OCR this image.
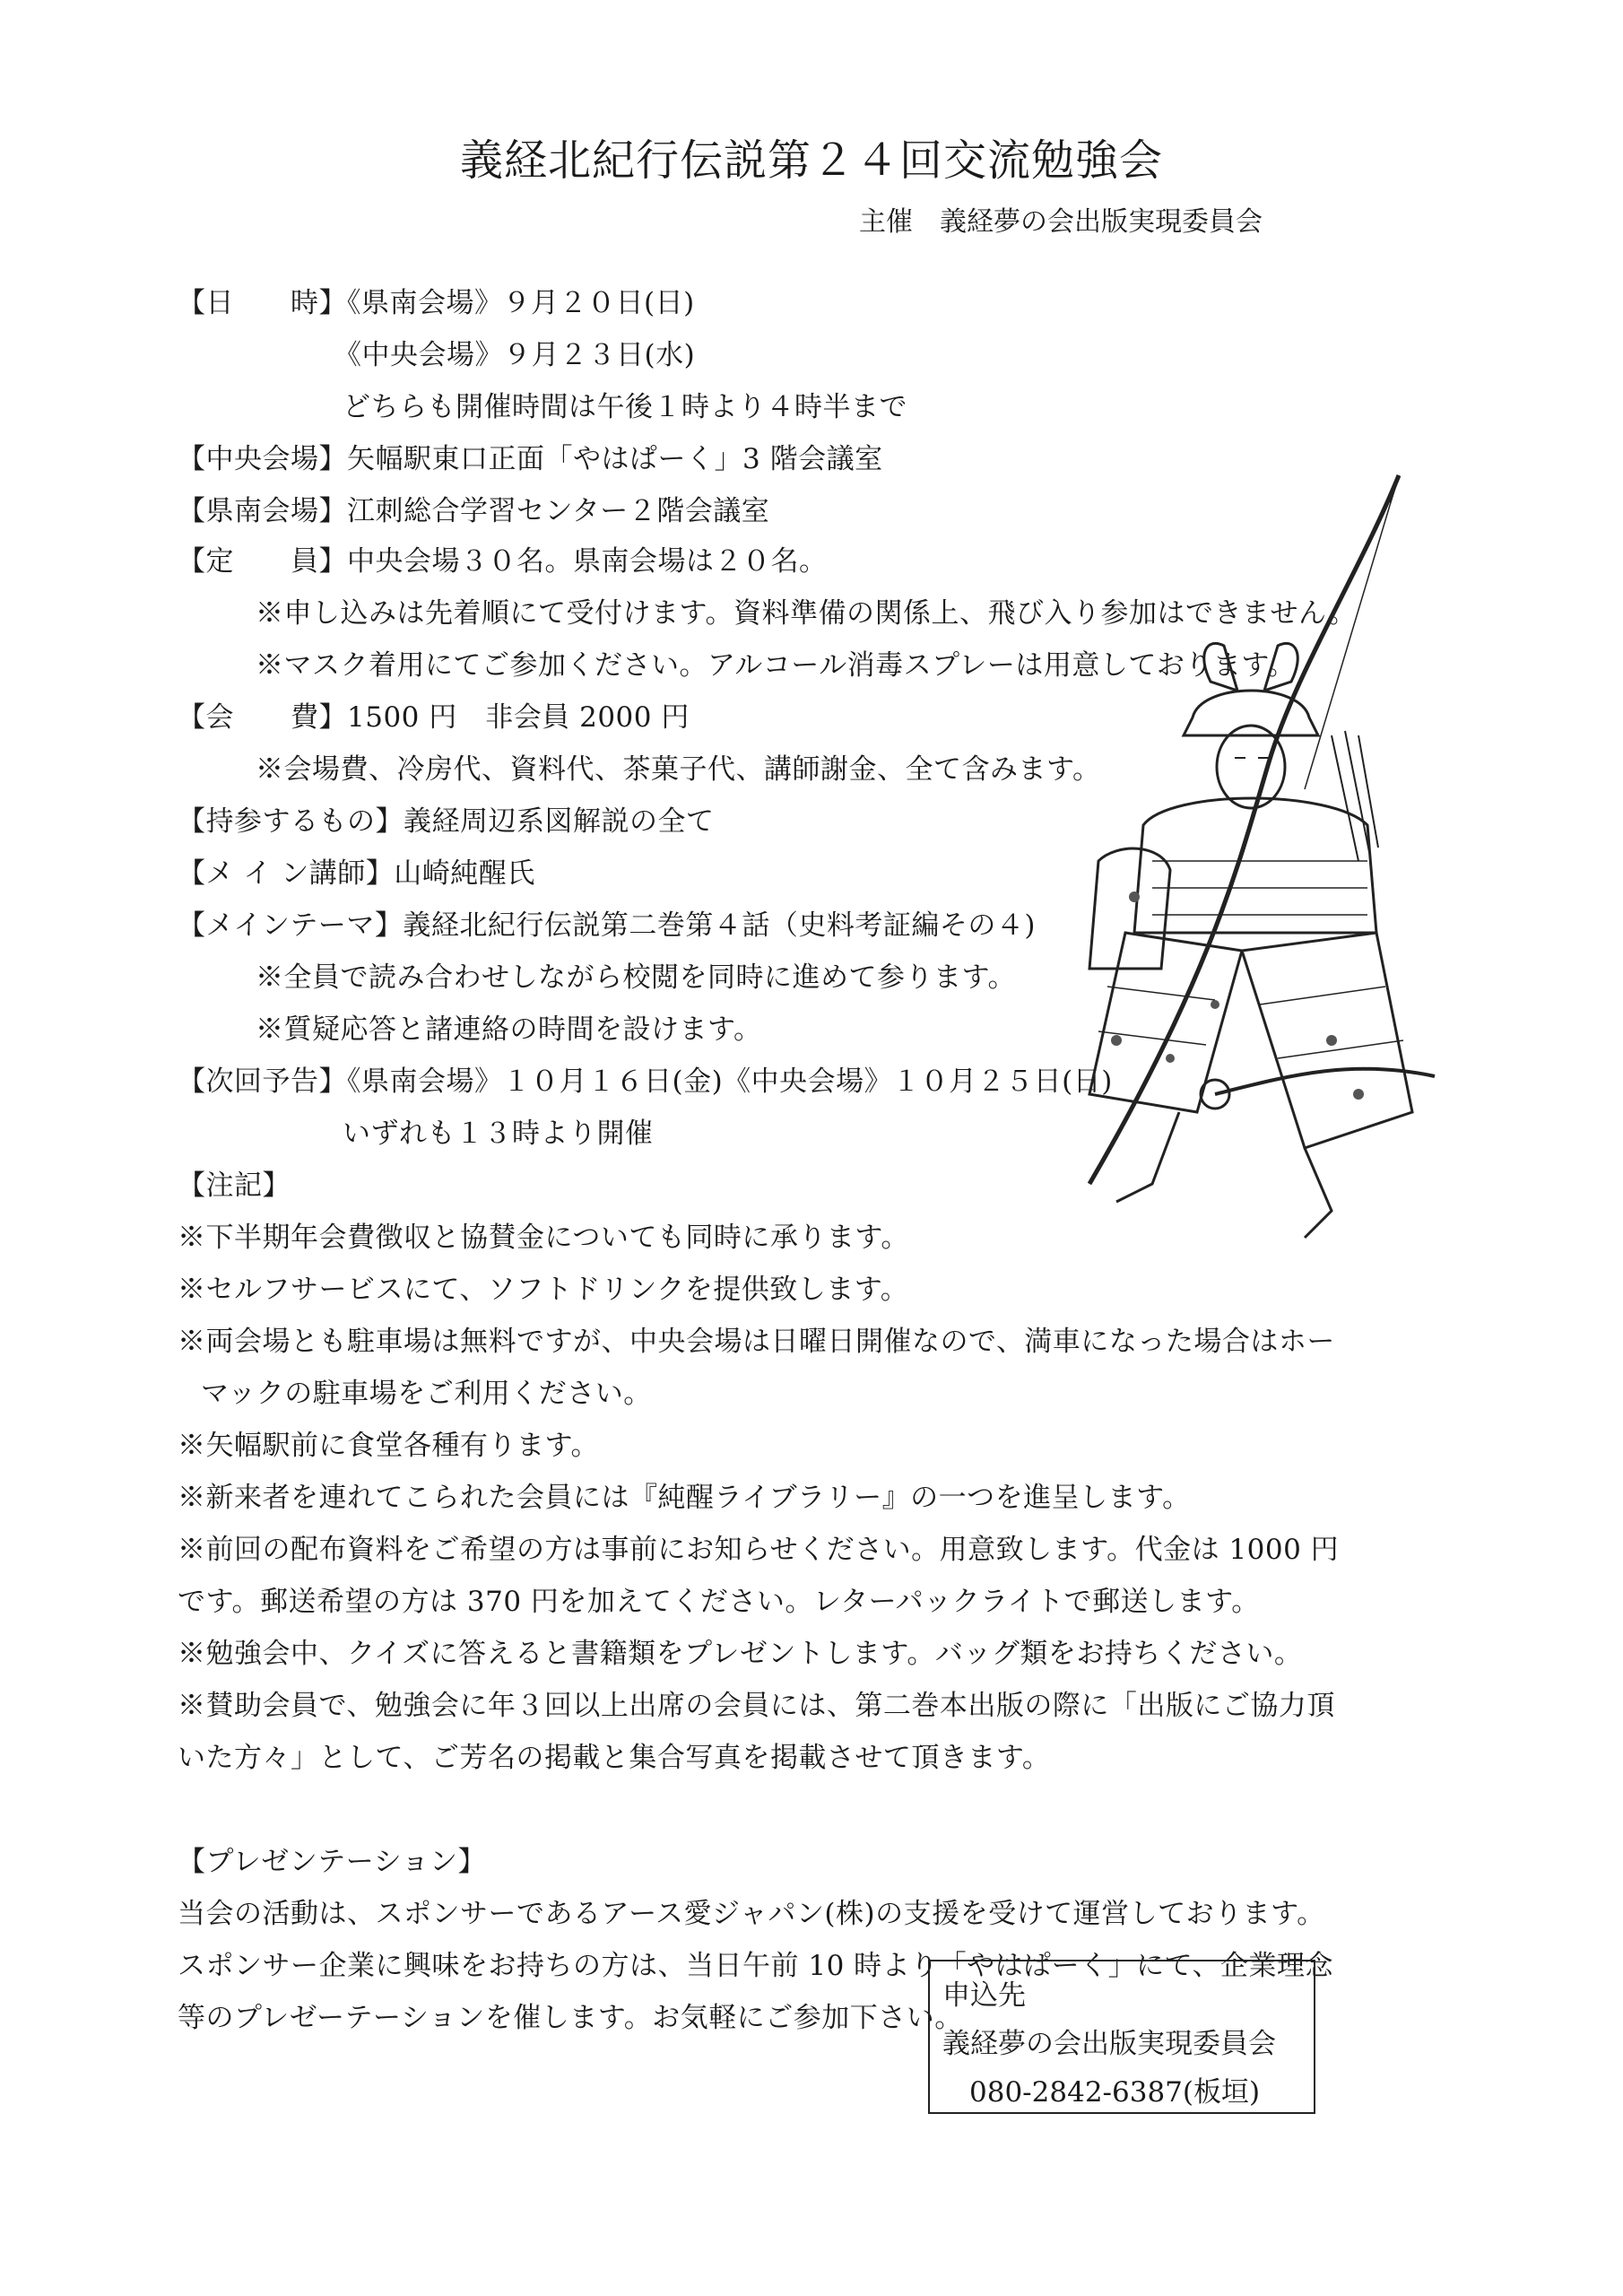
義経北紀行伝説第２４回交流勉強会
主催　義経夢の会出版実現委員会
【日　　時】《県南会場》９月２０日(日)
《中央会場》９月２３日(水)
どちらも開催時間は午後１時より４時半まで
【中央会場】矢幅駅東口正面「やはぱーく」3 階会議室
【県南会場】江刺総合学習センター２階会議室
【定　　員】中央会場３０名。県南会場は２０名。
※申し込みは先着順にて受付けます。資料準備の関係上、飛び入り参加はできません。
※マスク着用にてご参加ください。アルコール消毒スプレーは用意しております。
【会　　費】1500 円　非会員 2000 円
※会場費、冷房代、資料代、茶菓子代、講師謝金、全て含みます。
【持参するもの】義経周辺系図解説の全て
【メ イ ン講師】山崎純醒氏
【メインテーマ】義経北紀行伝説第二巻第４話（史料考証編その４)
※全員で読み合わせしながら校閲を同時に進めて参ります。
※質疑応答と諸連絡の時間を設けます。
【次回予告】《県南会場》１０月１６日(金)《中央会場》１０月２５日(日)
いずれも１３時より開催
【注記】
※下半期年会費徴収と協賛金についても同時に承ります。
※セルフサービスにて、ソフトドリンクを提供致します。
※両会場とも駐車場は無料ですが、中央会場は日曜日開催なので、満車になった場合はホー
マックの駐車場をご利用ください。
※矢幅駅前に食堂各種有ります。
※新来者を連れてこられた会員には『純醒ライブラリー』の一つを進呈します。
※前回の配布資料をご希望の方は事前にお知らせください。用意致します。代金は 1000 円
です。郵送希望の方は 370 円を加えてください。レターパックライトで郵送します。
※勉強会中、クイズに答えると書籍類をプレゼントします。バッグ類をお持ちください。
※賛助会員で、勉強会に年３回以上出席の会員には、第二巻本出版の際に「出版にご協力頂
いた方々」として、ご芳名の掲載と集合写真を掲載させて頂きます。
【プレゼンテーション】
当会の活動は、スポンサーであるアース愛ジャパン(株)の支援を受けて運営しております。
スポンサー企業に興味をお持ちの方は、当日午前 10 時より「やはぱーく」にて、企業理念
等のプレゼーテーションを催します。お気軽にご参加下さい。
申込先
義経夢の会出版実現委員会
080-2842-6387(板垣)
